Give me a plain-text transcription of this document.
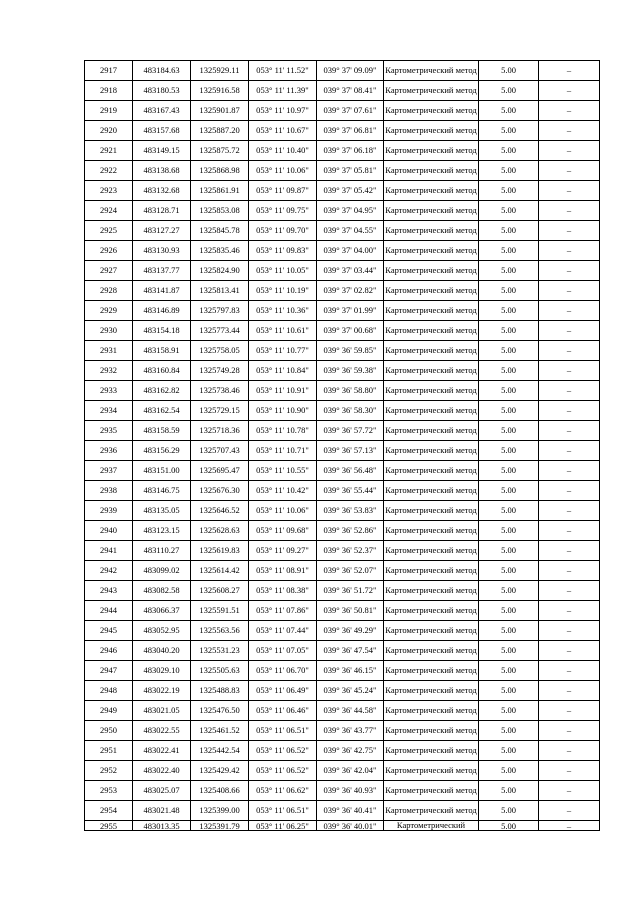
2917	483184.63	1325929.11	053° 11' 11.52"	039° 37' 09.09"	Картометрический метод	5.00	–
2918	483180.53	1325916.58	053° 11' 11.39"	039° 37' 08.41"	Картометрический метод	5.00	–
2919	483167.43	1325901.87	053° 11' 10.97"	039° 37' 07.61"	Картометрический метод	5.00	–
2920	483157.68	1325887.20	053° 11' 10.67"	039° 37' 06.81"	Картометрический метод	5.00	–
2921	483149.15	1325875.72	053° 11' 10.40"	039° 37' 06.18"	Картометрический метод	5.00	–
2922	483138.68	1325868.98	053° 11' 10.06"	039° 37' 05.81"	Картометрический метод	5.00	–
2923	483132.68	1325861.91	053° 11' 09.87"	039° 37' 05.42"	Картометрический метод	5.00	–
2924	483128.71	1325853.08	053° 11' 09.75"	039° 37' 04.95"	Картометрический метод	5.00	–
2925	483127.27	1325845.78	053° 11' 09.70"	039° 37' 04.55"	Картометрический метод	5.00	–
2926	483130.93	1325835.46	053° 11' 09.83"	039° 37' 04.00"	Картометрический метод	5.00	–
2927	483137.77	1325824.90	053° 11' 10.05"	039° 37' 03.44"	Картометрический метод	5.00	–
2928	483141.87	1325813.41	053° 11' 10.19"	039° 37' 02.82"	Картометрический метод	5.00	–
2929	483146.89	1325797.83	053° 11' 10.36"	039° 37' 01.99"	Картометрический метод	5.00	–
2930	483154.18	1325773.44	053° 11' 10.61"	039° 37' 00.68"	Картометрический метод	5.00	–
2931	483158.91	1325758.05	053° 11' 10.77"	039° 36' 59.85"	Картометрический метод	5.00	–
2932	483160.84	1325749.28	053° 11' 10.84"	039° 36' 59.38"	Картометрический метод	5.00	–
2933	483162.82	1325738.46	053° 11' 10.91"	039° 36' 58.80"	Картометрический метод	5.00	–
2934	483162.54	1325729.15	053° 11' 10.90"	039° 36' 58.30"	Картометрический метод	5.00	–
2935	483158.59	1325718.36	053° 11' 10.78"	039° 36' 57.72"	Картометрический метод	5.00	–
2936	483156.29	1325707.43	053° 11' 10.71"	039° 36' 57.13"	Картометрический метод	5.00	–
2937	483151.00	1325695.47	053° 11' 10.55"	039° 36' 56.48"	Картометрический метод	5.00	–
2938	483146.75	1325676.30	053° 11' 10.42"	039° 36' 55.44"	Картометрический метод	5.00	–
2939	483135.05	1325646.52	053° 11' 10.06"	039° 36' 53.83"	Картометрический метод	5.00	–
2940	483123.15	1325628.63	053° 11' 09.68"	039° 36' 52.86"	Картометрический метод	5.00	–
2941	483110.27	1325619.83	053° 11' 09.27"	039° 36' 52.37"	Картометрический метод	5.00	–
2942	483099.02	1325614.42	053° 11' 08.91"	039° 36' 52.07"	Картометрический метод	5.00	–
2943	483082.58	1325608.27	053° 11' 08.38"	039° 36' 51.72"	Картометрический метод	5.00	–
2944	483066.37	1325591.51	053° 11' 07.86"	039° 36' 50.81"	Картометрический метод	5.00	–
2945	483052.95	1325563.56	053° 11' 07.44"	039° 36' 49.29"	Картометрический метод	5.00	–
2946	483040.20	1325531.23	053° 11' 07.05"	039° 36' 47.54"	Картометрический метод	5.00	–
2947	483029.10	1325505.63	053° 11' 06.70"	039° 36' 46.15"	Картометрический метод	5.00	–
2948	483022.19	1325488.83	053° 11' 06.49"	039° 36' 45.24"	Картометрический метод	5.00	–
2949	483021.05	1325476.50	053° 11' 06.46"	039° 36' 44.58"	Картометрический метод	5.00	–
2950	483022.55	1325461.52	053° 11' 06.51"	039° 36' 43.77"	Картометрический метод	5.00	–
2951	483022.41	1325442.54	053° 11' 06.52"	039° 36' 42.75"	Картометрический метод	5.00	–
2952	483022.40	1325429.42	053° 11' 06.52"	039° 36' 42.04"	Картометрический метод	5.00	–
2953	483025.07	1325408.66	053° 11' 06.62"	039° 36' 40.93"	Картометрический метод	5.00	–
2954	483021.48	1325399.00	053° 11' 06.51"	039° 36' 40.41"	Картометрический метод	5.00	–
2955	483013.35	1325391.79	053° 11' 06.25"	039° 36' 40.01"	Картометрический	5.00	–
